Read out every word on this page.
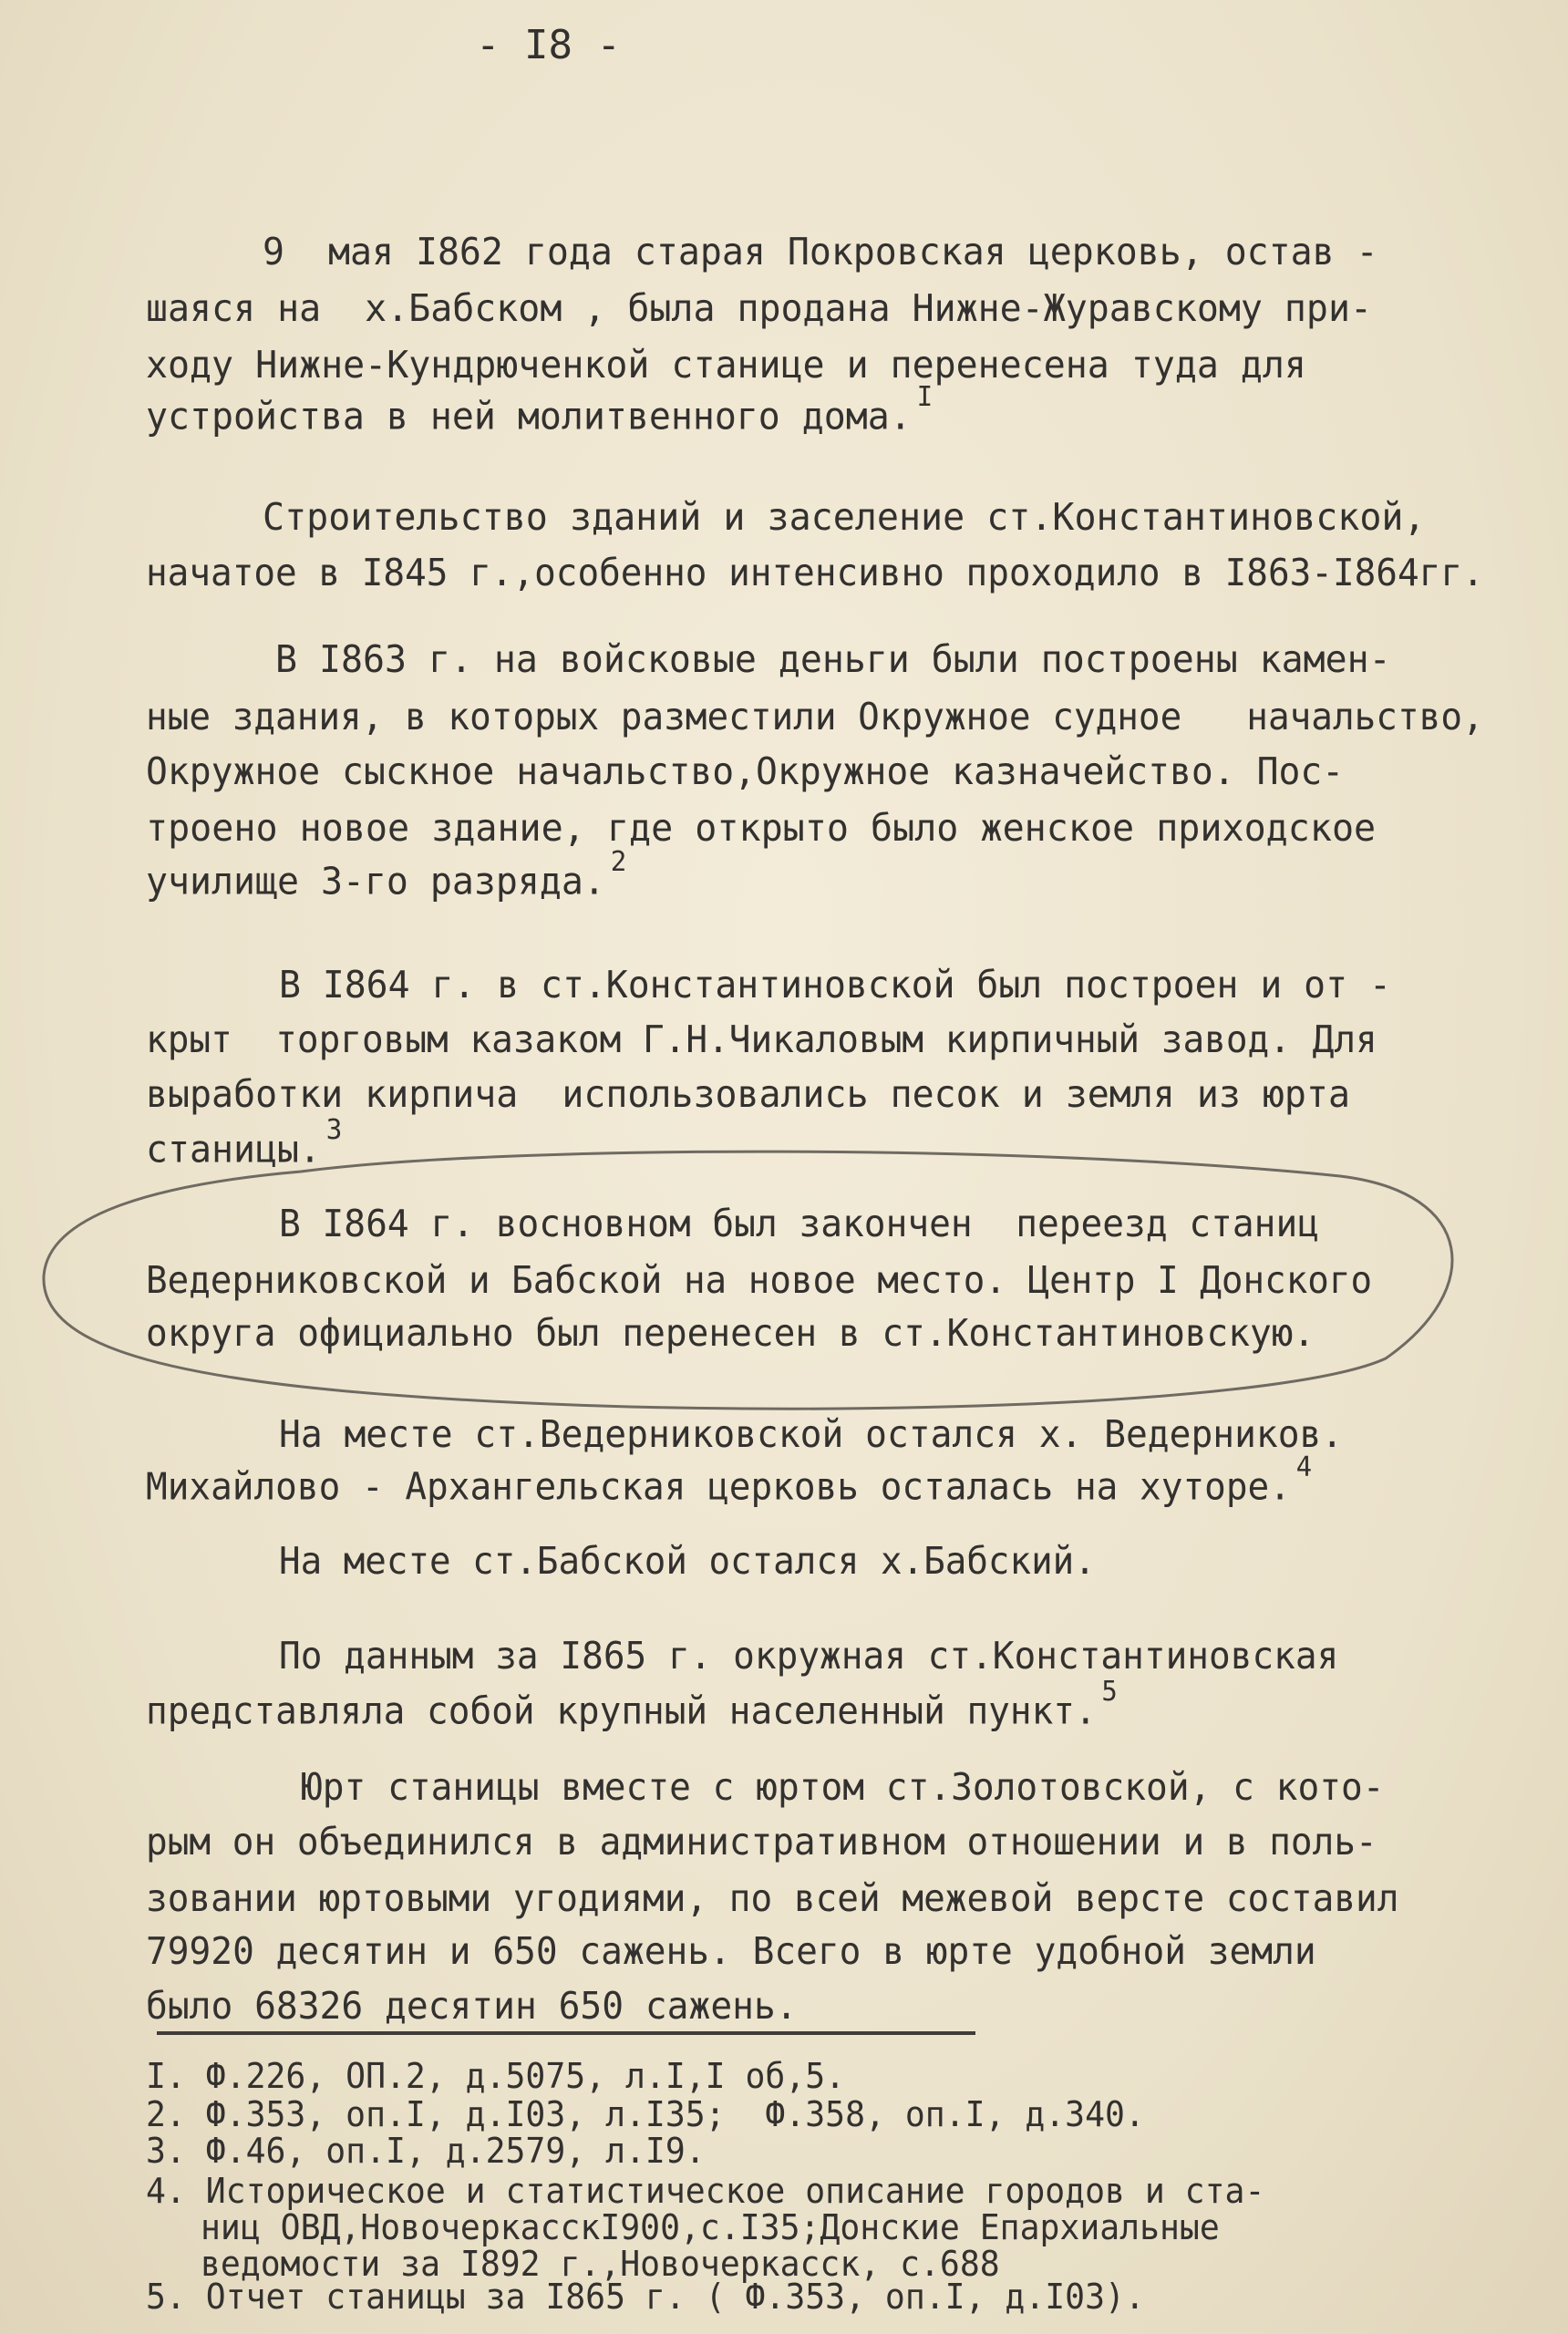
- I8 -
9  мая I862 года старая Покровская церковь, остав -
шаяся на  х.Бабском , была продана Нижне-Журавскому при-
ходу Нижне-Кундрюченкой станице и перенесена туда для
устройства в ней молитвенного дома. $^I$
Строительство зданий и заселение ст.Константиновской,
начатое в I845 г.,особенно интенсивно проходило в I863-I864гг.
В I863 г. на войсковые деньги были построены камен-
ные здания, в которых разместили Окружное судное   начальство,
Окружное сыскное начальство,Окружное казначейство. Пос-
троено новое здание, где открыто было женское приходское
училище 3-го разряда. $^2$
В I864 г. в ст.Константиновской был построен и от -
крыт  торговым казаком Г.Н.Чикаловым кирпичный завод. Для
выработки кирпича  использовались песок и земля из юрта
станицы. $^3$
В I864 г. восновном был закончен  переезд станиц
Ведерниковской и Бабской на новое место. Центр I Донского
округа официально был перенесен в ст.Константиновскую.
На месте ст.Ведерниковской остался х. Ведерников.
Михайлово - Архангельская церковь осталась на хуторе. $^4$
На месте ст.Бабской остался х.Бабский.
По данным за I865 г. окружная ст.Константиновская
представляла собой крупный населенный пункт. $^5$
Юрт станицы вместе с юртом ст.Золотовской, с кото-
рым он объединился в административном отношении и в поль-
зовании юртовыми угодиями, по всей межевой версте составил
79920 десятин и 650 сажень. Всего в юрте удобной земли
было 68326 десятин 650 сажень.
I. Ф.226, ОП.2, д.5075, л.I,I об,5.
2. Ф.353, оп.I, д.I03, л.I35;  Ф.358, оп.I, д.340.
3. Ф.46, оп.I, д.2579, л.I9.
4. Историческое и статистическое описание городов и ста-
ниц ОВД,НовочеркасскI900,с.I35;Донские Епархиальные
ведомости за I892 г.,Новочеркасск, с.688
5. Отчет станицы за I865 г. ( Ф.353, оп.I, д.I03).
